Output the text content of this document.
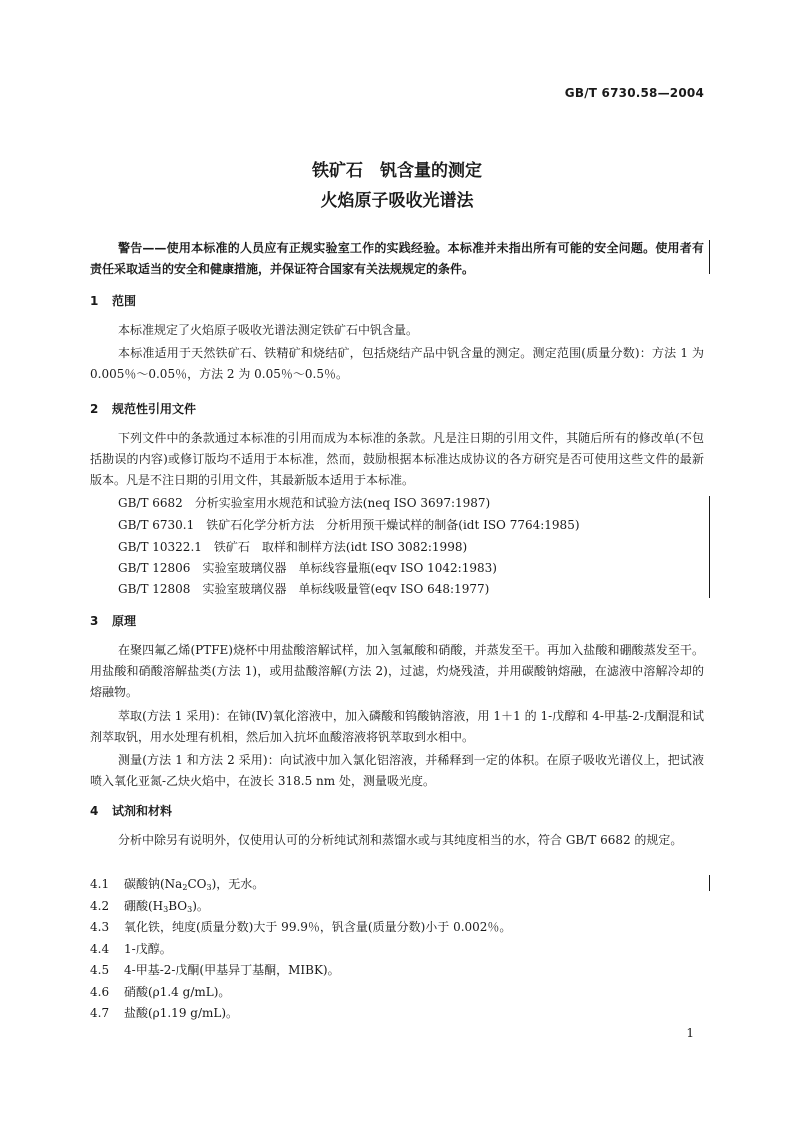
GB/T 6730.58—2004
铁矿石　钒含量的测定
火焰原子吸收光谱法
警告——使用本标准的人员应有正规实验室工作的实践经验。本标准并未指出所有可能的安全问题。使用者有责任采取适当的安全和健康措施，并保证符合国家有关法规规定的条件。
1 范围
本标准规定了火焰原子吸收光谱法测定铁矿石中钒含量。
本标准适用于天然铁矿石、铁精矿和烧结矿，包括烧结产品中钒含量的测定。测定范围(质量分数)：方法 1 为 0.005％～0.05％，方法 2 为 0.05％～0.5％。
2 规范性引用文件
下列文件中的条款通过本标准的引用而成为本标准的条款。凡是注日期的引用文件，其随后所有的修改单(不包括勘误的内容)或修订版均不适用于本标准，然而，鼓励根据本标准达成协议的各方研究是否可使用这些文件的最新版本。凡是不注日期的引用文件，其最新版本适用于本标准。
GB/T 6682　分析实验室用水规范和试验方法(neq ISO 3697:1987)
GB/T 6730.1　铁矿石化学分析方法　分析用预干燥试样的制备(idt ISO 7764:1985)
GB/T 10322.1　铁矿石　取样和制样方法(idt ISO 3082:1998)
GB/T 12806　实验室玻璃仪器　单标线容量瓶(eqv ISO 1042:1983)
GB/T 12808　实验室玻璃仪器　单标线吸量管(eqv ISO 648:1977)
3 原理
在聚四氟乙烯(PTFE)烧杯中用盐酸溶解试样，加入氢氟酸和硝酸，并蒸发至干。再加入盐酸和硼酸蒸发至干。用盐酸和硝酸溶解盐类(方法 1)，或用盐酸溶解(方法 2)，过滤，灼烧残渣，并用碳酸钠熔融，在滤液中溶解冷却的熔融物。
萃取(方法 1 采用)：在铈(Ⅳ)氧化溶液中，加入磷酸和钨酸钠溶液，用 1＋1 的 1-戊醇和 4-甲基-2-戊酮混和试剂萃取钒，用水处理有机相，然后加入抗坏血酸溶液将钒萃取到水相中。
测量(方法 1 和方法 2 采用)：向试液中加入氯化铝溶液，并稀释到一定的体积。在原子吸收光谱仪上，把试液喷入氧化亚氮-乙炔火焰中，在波长 318.5 nm 处，测量吸光度。
4 试剂和材料
分析中除另有说明外，仅使用认可的分析纯试剂和蒸馏水或与其纯度相当的水，符合 GB/T 6682 的规定。
4.1 碳酸钠$(Na_2CO_3)$，无水。
4.2 硼酸$(H_3BO_3)$。
4.3 氧化铁，纯度(质量分数)大于 99.9％，钒含量(质量分数)小于 0.002％。
4.4 1-戊醇。
4.5 4-甲基-2-戊酮(甲基异丁基酮，MIBK)。
4.6 硝酸(ρ1.4 g/mL)。
4.7 盐酸(ρ1.19 g/mL)。
1
